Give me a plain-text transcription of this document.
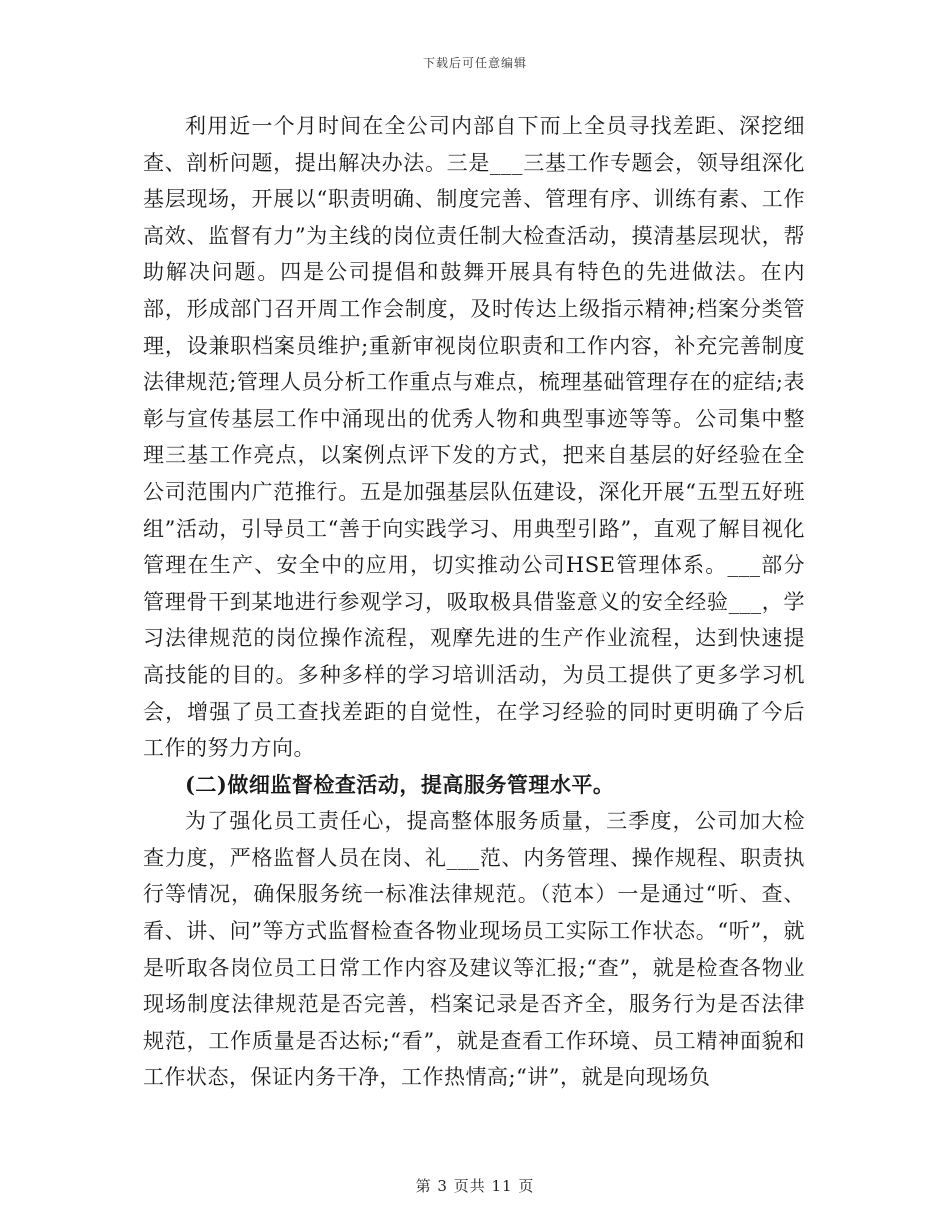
下载后可任意编辑

利用近一个月时间在全公司内部自下而上全员寻找差距、深挖细查、剖析问题，提出解决办法。三是___三基工作专题会，领导组深化基层现场，开展以“职责明确、制度完善、管理有序、训练有素、工作高效、监督有力”为主线的岗位责任制大检查活动，摸清基层现状，帮助解决问题。四是公司提倡和鼓舞开展具有特色的先进做法。在内部，形成部门召开周工作会制度，及时传达上级指示精神;档案分类管理，设兼职档案员维护;重新审视岗位职责和工作内容，补充完善制度法律规范;管理人员分析工作重点与难点，梳理基础管理存在的症结;表彰与宣传基层工作中涌现出的优秀人物和典型事迹等等。公司集中整理三基工作亮点，以案例点评下发的方式，把来自基层的好经验在全公司范围内广范推行。五是加强基层队伍建设，深化开展“五型五好班组”活动，引导员工“善于向实践学习、用典型引路”，直观了解目视化管理在生产、安全中的应用，切实推动公司HSE管理体系。___部分管理骨干到某地进行参观学习，吸取极具借鉴意义的安全经验___，学习法律规范的岗位操作流程，观摩先进的生产作业流程，达到快速提高技能的目的。多种多样的学习培训活动，为员工提供了更多学习机会，增强了员工查找差距的自觉性，在学习经验的同时更明确了今后工作的努力方向。

(二)做细监督检查活动，提高服务管理水平。

为了强化员工责任心，提高整体服务质量，三季度，公司加大检查力度，严格监督人员在岗、礼___范、内务管理、操作规程、职责执行等情况，确保服务统一标准法律规范。（范本）一是通过“听、查、看、讲、问”等方式监督检查各物业现场员工实际工作状态。“听”，就是听取各岗位员工日常工作内容及建议等汇报;“查”，就是检查各物业现场制度法律规范是否完善，档案记录是否齐全，服务行为是否法律规范，工作质量是否达标;“看”，就是查看工作环境、员工精神面貌和工作状态，保证内务干净，工作热情高;“讲”，就是向现场负

第 3 页共 11 页
